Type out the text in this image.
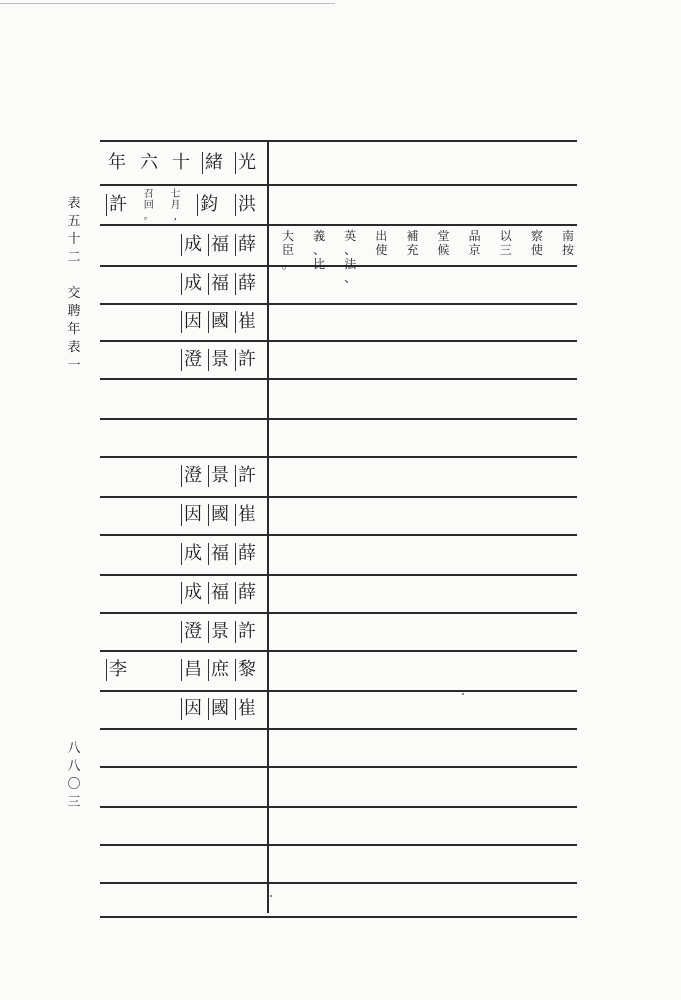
表
五
十
二

交
聘
年
表
一
八
八
〇
三
年 六 十 緒 光
許 召
回
。
七
月
,
鈞 洪
成 福 薛
成 福 薛
因 國 崔
澄 景 許
澄 景 許
因 國 崔
成 福 薛
成 福 薛
澄 景 許
李	昌 庶 黎
因 國 崔
大
臣
。
義
、
比
英
、
法
、
出
使
補
充
堂
候
品
京
以
三
察
使
南
按
